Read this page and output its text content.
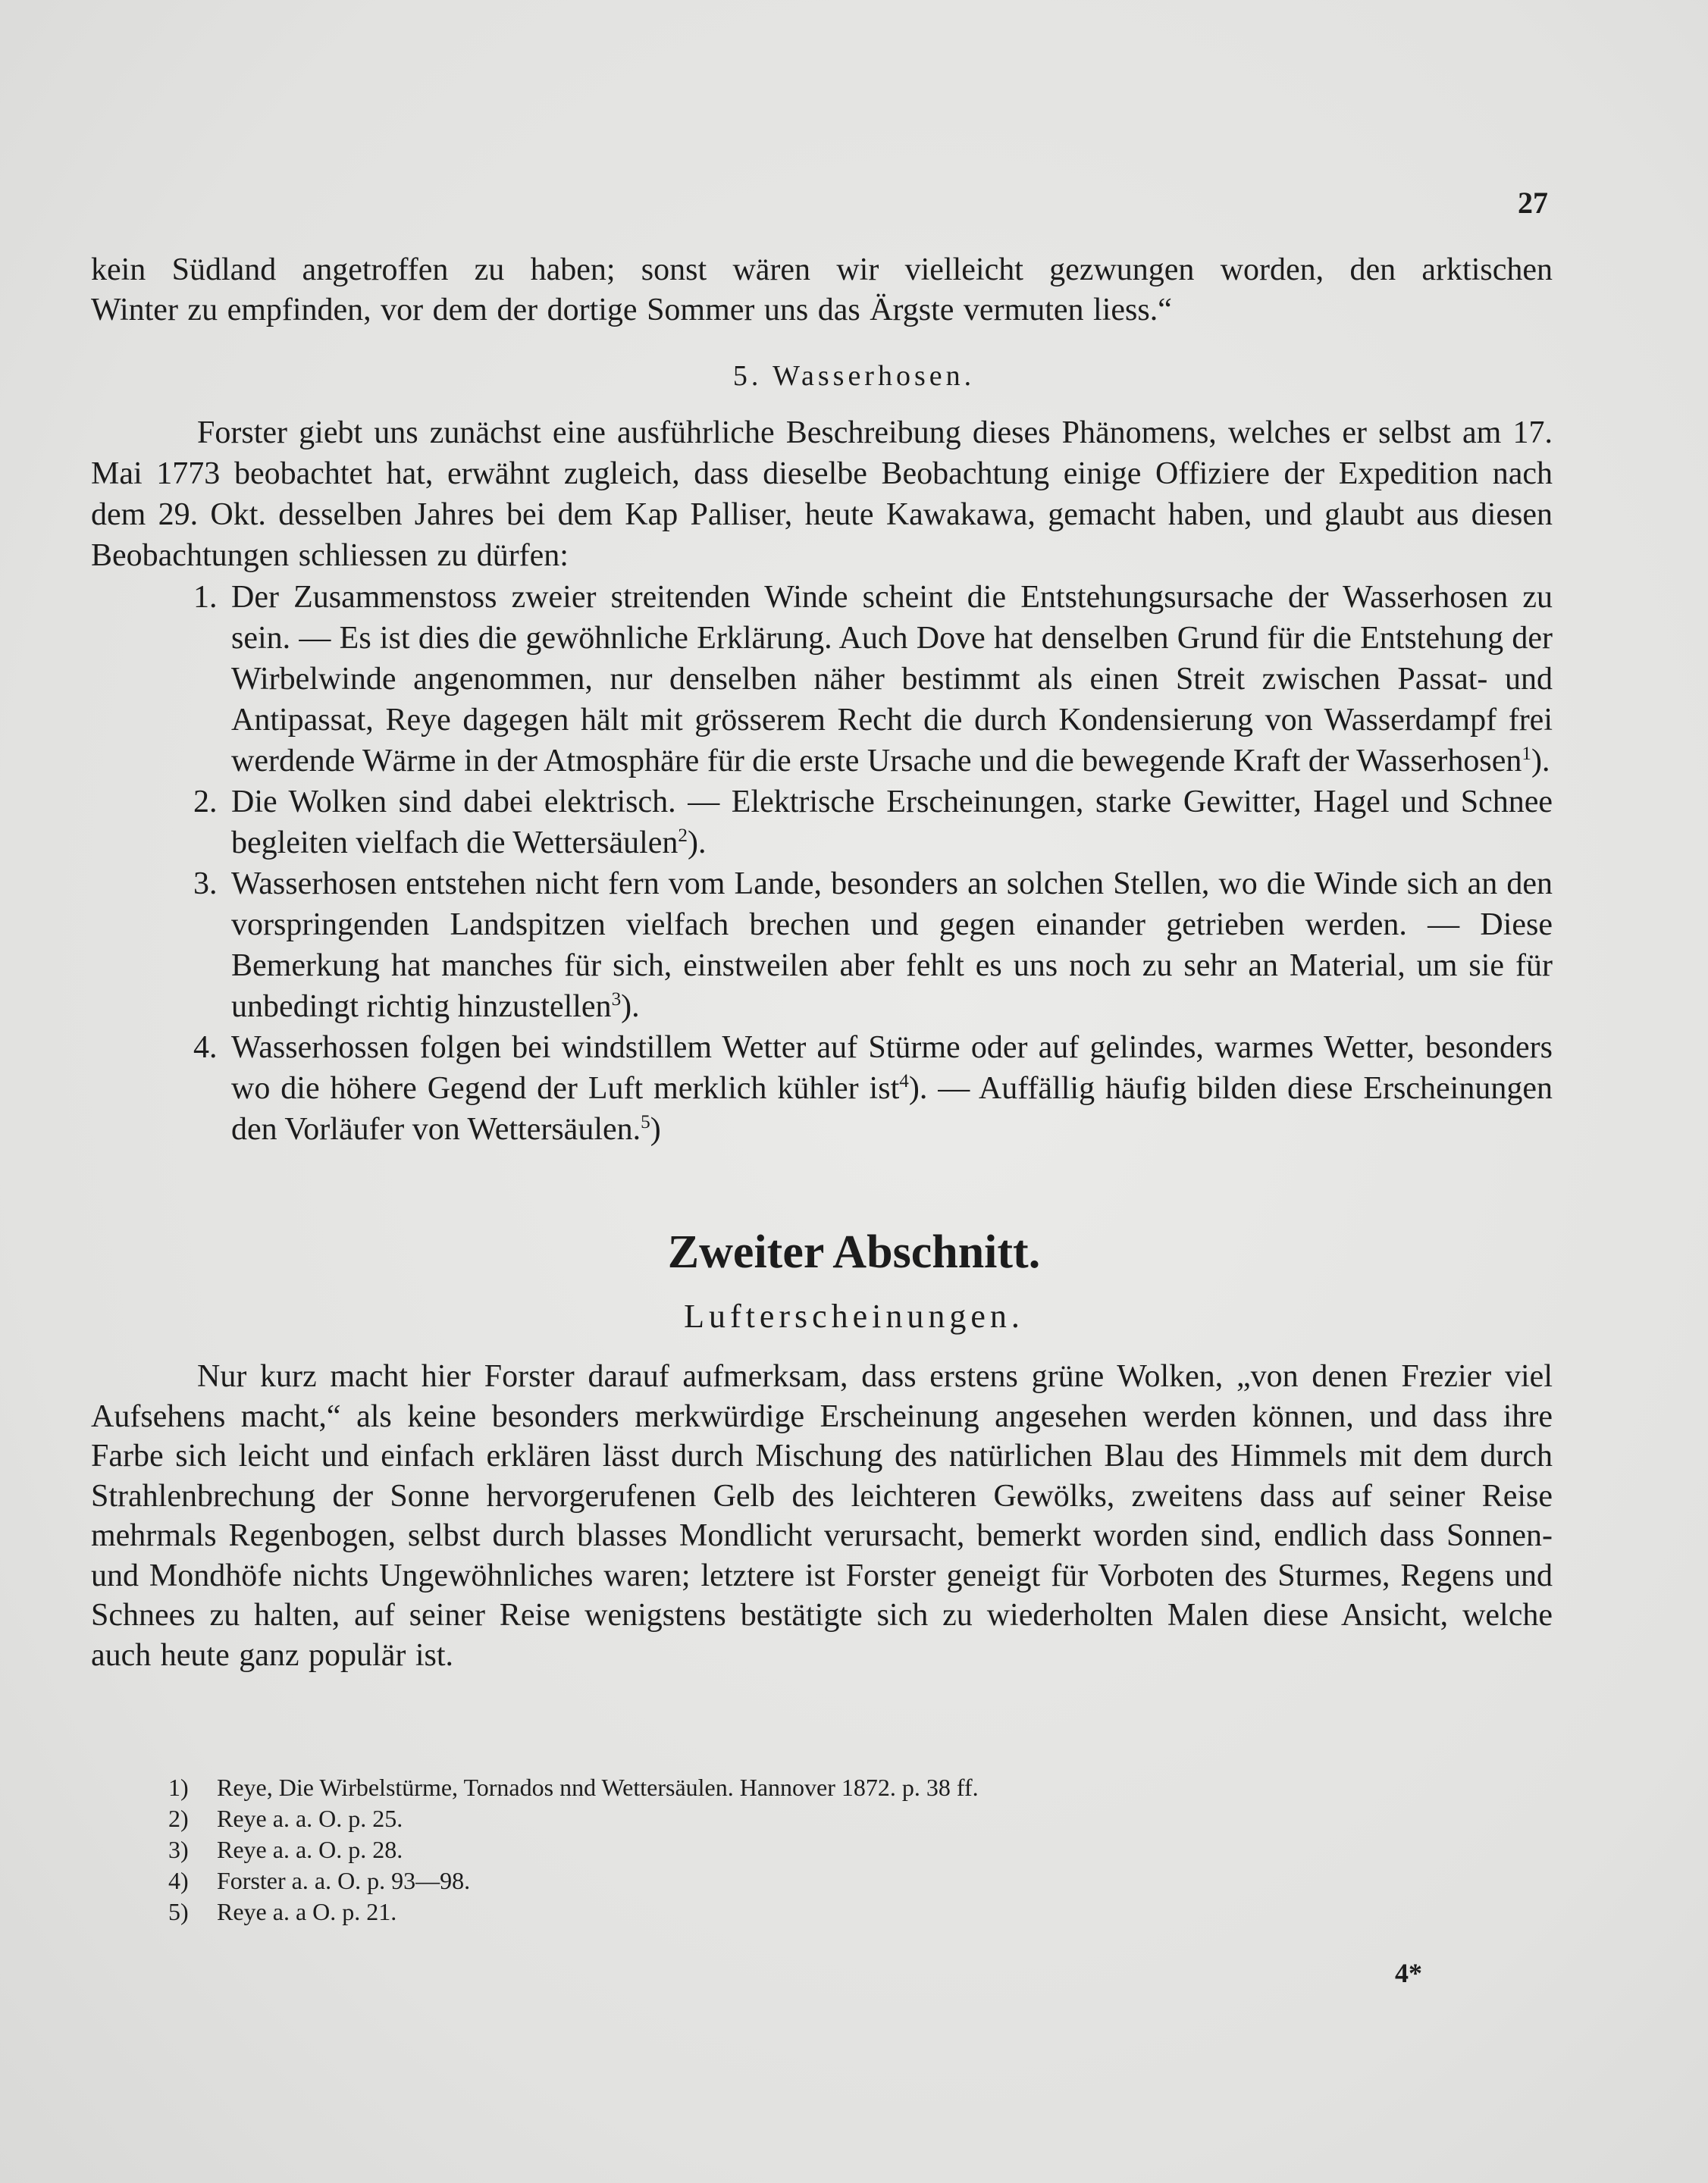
27
kein Südland angetroffen zu haben; sonst wären wir vielleicht gezwungen worden, den arktischen
Winter zu empfinden, vor dem der dortige Sommer uns das Ärgste vermuten liess.“
5. Wasserhosen.
Forster giebt uns zunächst eine ausführliche Beschreibung dieses Phänomens, welches er selbst am 17. Mai 1773 beobachtet hat, erwähnt zugleich, dass dieselbe Beobachtung einige Offiziere der Expedition nach dem 29. Okt. desselben Jahres bei dem Kap Palliser, heute Kawakawa, gemacht haben, und glaubt aus diesen Beobachtungen schliessen zu dürfen:
1. Der Zusammenstoss zweier streitenden Winde scheint die Entstehungsursache der Wasserhosen zu sein. — Es ist dies die gewöhnliche Erklärung. Auch Dove hat denselben Grund für die Entstehung der Wirbelwinde angenommen, nur denselben näher bestimmt als einen Streit zwischen Passat- und Antipassat, Reye dagegen hält mit grösserem Recht die durch Kondensierung von Wasserdampf frei werdende Wärme in der Atmosphäre für die erste Ursache und die bewegende Kraft der Wasserhosen$^1$).
2. Die Wolken sind dabei elektrisch. — Elektrische Erscheinungen, starke Gewitter, Hagel und Schnee begleiten vielfach die Wettersäulen$^2$).
3. Wasserhosen entstehen nicht fern vom Lande, besonders an solchen Stellen, wo die Winde sich an den vorspringenden Landspitzen vielfach brechen und gegen einander getrieben werden. — Diese Bemerkung hat manches für sich, einstweilen aber fehlt es uns noch zu sehr an Material, um sie für unbedingt richtig hinzustellen$^3$).
4. Wasserhossen folgen bei windstillem Wetter auf Stürme oder auf gelindes, warmes Wetter, besonders wo die höhere Gegend der Luft merklich kühler ist$^4$). — Auffällig häufig bilden diese Erscheinungen den Vorläufer von Wettersäulen.$^5$)
Zweiter Abschnitt.
Lufterscheinungen.
Nur kurz macht hier Forster darauf aufmerksam, dass erstens grüne Wolken, „von denen Frezier viel Aufsehens macht,“ als keine besonders merkwürdige Erscheinung angesehen werden können, und dass ihre Farbe sich leicht und einfach erklären lässt durch Mischung des natürlichen Blau des Himmels mit dem durch Strahlenbrechung der Sonne hervorgerufenen Gelb des leichteren Gewölks, zweitens dass auf seiner Reise mehrmals Regenbogen, selbst durch blasses Mondlicht verursacht, bemerkt worden sind, endlich dass Sonnen- und Mondhöfe nichts Ungewöhnliches waren; letztere ist Forster geneigt für Vorboten des Sturmes, Regens und Schnees zu halten, auf seiner Reise wenigstens bestätigte sich zu wiederholten Malen diese Ansicht, welche auch heute ganz populär ist.
1)	Reye, Die Wirbelstürme, Tornados nnd Wettersäulen. Hannover 1872. p. 38 ff.
2)	Reye a. a. O. p. 25.
3)	Reye a. a. O. p. 28.
4)	Forster a. a. O. p. 93—98.
5)	Reye a. a O. p. 21.
4*
